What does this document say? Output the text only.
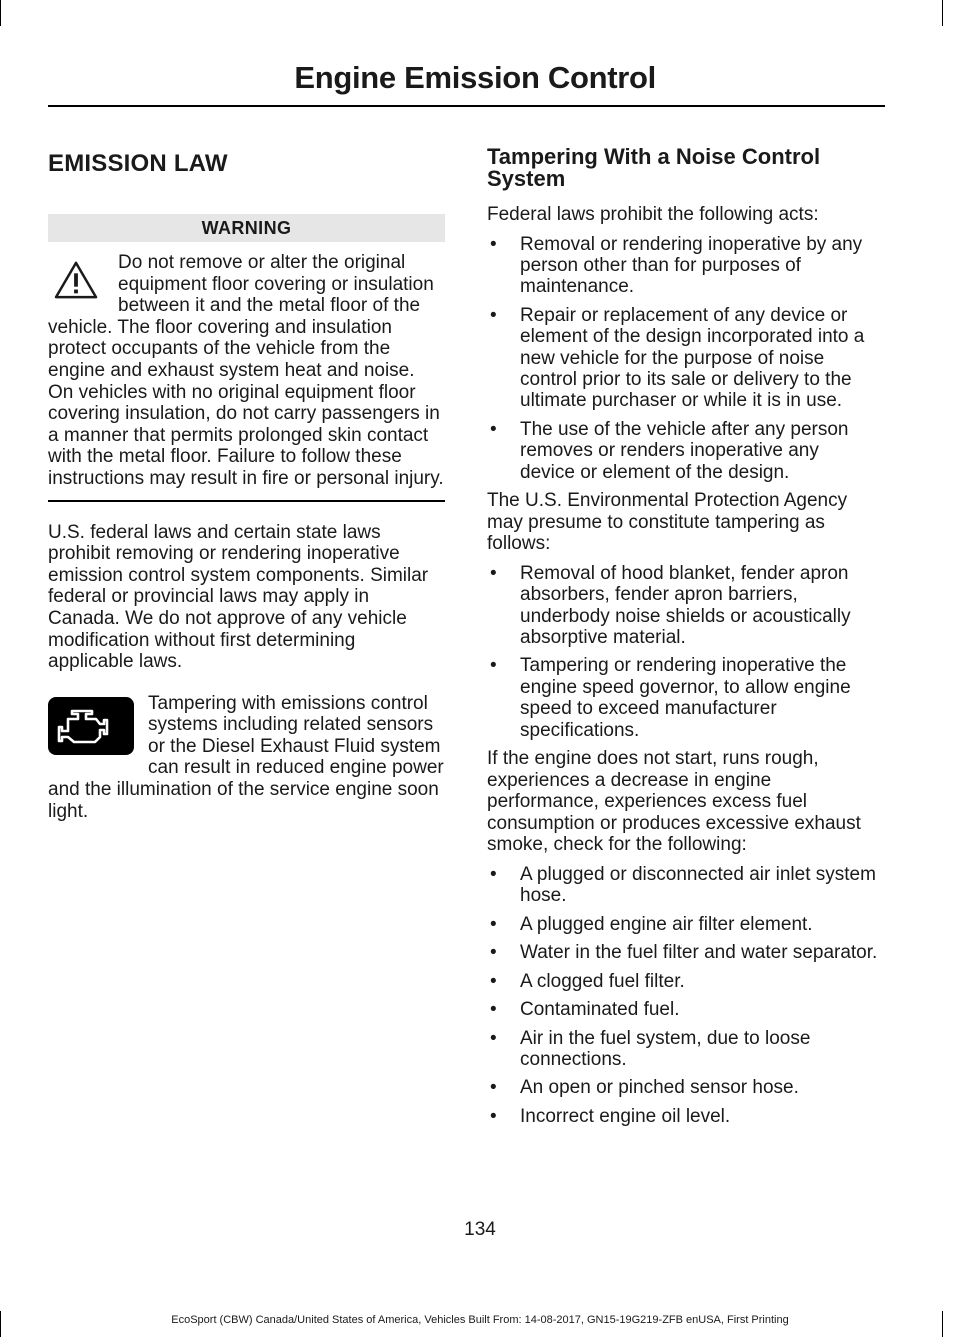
Engine Emission Control
EMISSION LAW
WARNING
Do not remove or alter the original equipment floor covering or insulation between it and the metal floor of the vehicle. The floor covering and insulation protect occupants of the vehicle from the engine and exhaust system heat and noise. On vehicles with no original equipment floor covering insulation, do not carry passengers in a manner that permits prolonged skin contact with the metal floor. Failure to follow these instructions may result in fire or personal injury.

U.S. federal laws and certain state laws prohibit removing or rendering inoperative emission control system components. Similar federal or provincial laws may apply in Canada. We do not approve of any vehicle modification without first determining applicable laws.

Tampering with emissions control systems including related sensors or the Diesel Exhaust Fluid system can result in reduced engine power and the illumination of the service engine soon light.

Tampering With a Noise Control System

Federal laws prohibit the following acts:

• Removal or rendering inoperative by any person other than for purposes of maintenance.
• Repair or replacement of any device or element of the design incorporated into a new vehicle for the purpose of noise control prior to its sale or delivery to the ultimate purchaser or while it is in use.
• The use of the vehicle after any person removes or renders inoperative any device or element of the design.

The U.S. Environmental Protection Agency may presume to constitute tampering as follows:

• Removal of hood blanket, fender apron absorbers, fender apron barriers, underbody noise shields or acoustically absorptive material.
• Tampering or rendering inoperative the engine speed governor, to allow engine speed to exceed manufacturer specifications.

If the engine does not start, runs rough, experiences a decrease in engine performance, experiences excess fuel consumption or produces excessive exhaust smoke, check for the following:

• A plugged or disconnected air inlet system hose.
• A plugged engine air filter element.
• Water in the fuel filter and water separator.
• A clogged fuel filter.
• Contaminated fuel.
• Air in the fuel system, due to loose connections.
• An open or pinched sensor hose.
• Incorrect engine oil level.
134
EcoSport (CBW) Canada/United States of America, Vehicles Built From: 14-08-2017, GN15-19G219-ZFB enUSA, First Printing
